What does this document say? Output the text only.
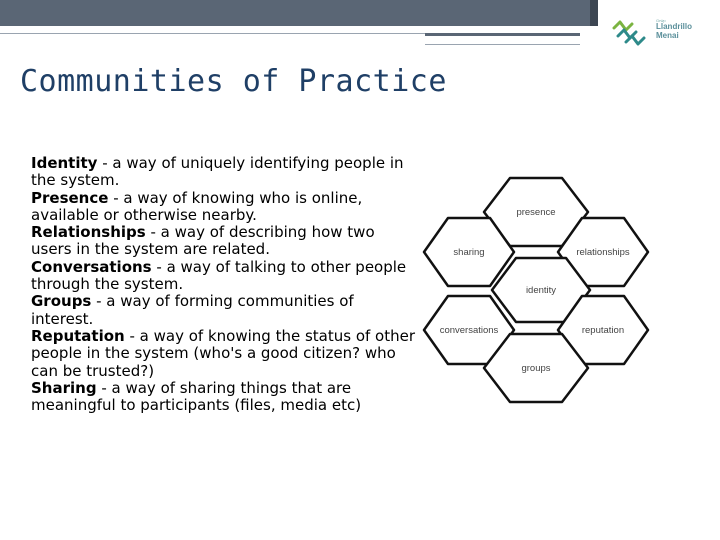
Grŵp
Llandrillo
Menai
Communities of Practice
Identity - a way of uniquely identifying people in the system.
Presence - a way of knowing who is online, available or otherwise nearby.
Relationships - a way of describing how two users in the system are related.
Conversations - a way of talking to other people through the system.
Groups - a way of forming communities of interest.
Reputation - a way of knowing the status of other people in the system (who's a good citizen? who can be trusted?)
Sharing - a way of sharing things that are meaningful to participants (files, media etc)
presence
sharing	relationships
identity
conversations	reputation
groups
